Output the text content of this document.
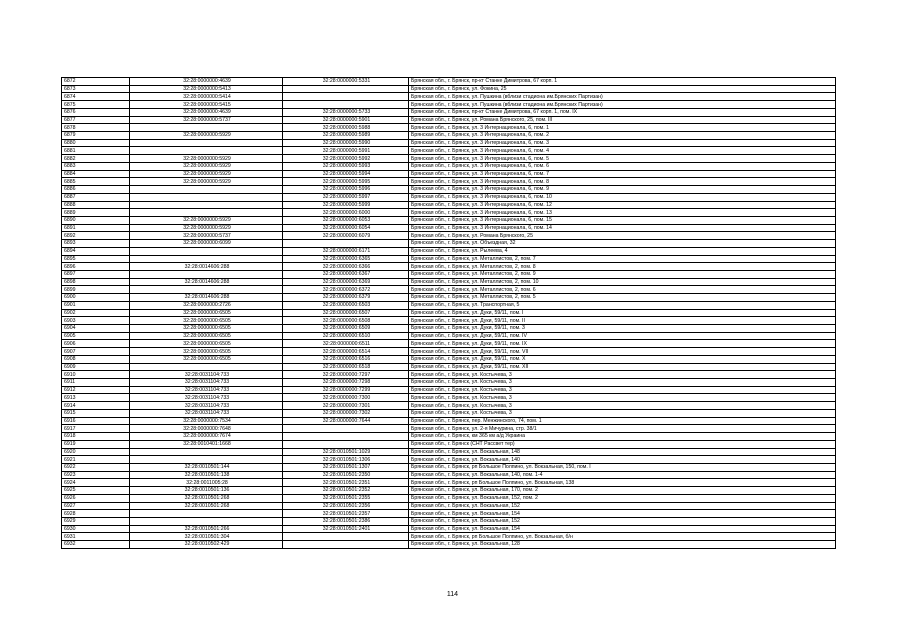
6872	32:28:0000000:4639	32:28:0000000:5331	Брянская обл., г. Брянск, пр-кт Станке Димитрова, 67 корп. 1
6873	32:28:0000000:5413		Брянская обл., г. Брянск, ул. Фокина, 25
6874	32:28:0000000:5414		Брянская обл., г. Брянск, ул. Пушкина (вблизи стадиона им.Брянских Партизан)
6875	32:28:0000000:5415		Брянская обл., г. Брянск, ул. Пушкина (вблизи стадиона им.Брянских Партизан)
6876	32:28:0000000:4639	32:28:0000000:5733	Брянская обл., г. Брянск, пр-кт Станке Димитрова, 67 корп. 1, пом. IX
6877	32:28:0000000:5737	32:28:0000000:5901	Брянская обл., г. Брянск, ул. Романа Брянского, 25, пом. III
6878		32:28:0000000:5988	Брянская обл., г. Брянск, ул. 3 Интернационала, 6, пом. 1
6879	32:28:0000000:5929	32:28:0000000:5989	Брянская обл., г. Брянск, ул. 3 Интернационала, 6, пом. 2
6880		32:28:0000000:5990	Брянская обл., г. Брянск, ул. 3 Интернационала, 6, пом. 3
6881		32:28:0000000:5991	Брянская обл., г. Брянск, ул. 3 Интернационала, 6, пом. 4
6882	32:28:0000000:5929	32:28:0000000:5992	Брянская обл., г. Брянск, ул. 3 Интернационала, 6, пом. 5
6883	32:28:0000000:5929	32:28:0000000:5993	Брянская обл., г. Брянск, ул. 3 Интернационала, 6, пом. 6
6884	32:28:0000000:5929	32:28:0000000:5994	Брянская обл., г. Брянск, ул. 3 Интернационала, 6, пом. 7
6885	32:28:0000000:5929	32:28:0000000:5995	Брянская обл., г. Брянск, ул. 3 Интернационала, 6, пом. 8
6886		32:28:0000000:5996	Брянская обл., г. Брянск, ул. 3 Интернационала, 6, пом. 9
6887		32:28:0000000:5997	Брянская обл., г. Брянск, ул. 3 Интернационала, 6, пом. 10
6888		32:28:0000000:5999	Брянская обл., г. Брянск, ул. 3 Интернационала, 6, пом. 12
6889		32:28:0000000:6000	Брянская обл., г. Брянск, ул. 3 Интернационала, 6, пом. 13
6890	32:28:0000000:5929	32:28:0000000:6053	Брянская обл., г. Брянск, ул. 3 Интернационала, 6, пом. 15
6891	32:28:0000000:5929	32:28:0000000:6054	Брянская обл., г. Брянск, ул. 3 Интернационала, 6, пом. 14
6892	32:28:0000000:5737	32:28:0000000:6079	Брянская обл., г. Брянск, ул. Романа Брянского, 25
6893	32:28:0000000:6099		Брянская обл., г. Брянск, ул. Объездная, 32
6894		32:28:0000000:6171	Брянская обл., г. Брянск, ул. Рылеева, 4
6895		32:28:0000000:6365	Брянская обл., г. Брянск, ул. Металлистов, 2, пом. 7
6896	32:28:0014606:288	32:28:0000000:6366	Брянская обл., г. Брянск, ул. Металлистов, 2, пом. 8
6897		32:28:0000000:6367	Брянская обл., г. Брянск, ул. Металлистов, 2, пом. 9
6898	32:28:0014606:288	32:28:0000000:6369	Брянская обл., г. Брянск, ул. Металлистов, 2, пом. 10
6899		32:28:0000000:6372	Брянская обл., г. Брянск, ул. Металлистов, 2, пом. 6
6900	32:28:0014606:288	32:28:0000000:6379	Брянская обл., г. Брянск, ул. Металлистов, 2, пом. 5
6901	32:28:0000000:2726	32:28:0000000:6503	Брянская обл., г. Брянск, ул. Транспортная, 5
6902	32:28:0000000:6505	32:28:0000000:6507	Брянская обл., г. Брянск, ул. Дуки, 59/11, пом. I
6903	32:28:0000000:6505	32:28:0000000:6508	Брянская обл., г. Брянск, ул. Дуки, 59/11, пом. II
6904	32:28:0000000:6505	32:28:0000000:6509	Брянская обл., г. Брянск, ул. Дуки, 59/11, пом. 3
6905	32:28:0000000:6505	32:28:0000000:6510	Брянская обл., г. Брянск, ул. Дуки, 59/11, пом. IV
6906	32:28:0000000:6505	32:28:0000000:6511	Брянская обл., г. Брянск, ул. Дуки, 59/11, пом. IX
6907	32:28:0000000:6505	32:28:0000000:6514	Брянская обл., г. Брянск, ул. Дуки, 59/11, пом. VII
6908	32:28:0000000:6505	32:28:0000000:6516	Брянская обл., г. Брянск, ул. Дуки, 59/11, пом. X
6909		32:28:0000000:6518	Брянская обл., г. Брянск, ул. Дуки, 59/11, пом. XII
6910	32:28:0031104:733	32:28:0000000:7297	Брянская обл., г. Брянск, ул. Костычева, 3
6911	32:28:0031104:733	32:28:0000000:7298	Брянская обл., г. Брянск, ул. Костычева, 3
6912	32:28:0031104:733	32:28:0000000:7299	Брянская обл., г. Брянск, ул. Костычева, 3
6913	32:28:0031104:733	32:28:0000000:7300	Брянская обл., г. Брянск, ул. Костычева, 3
6914	32:28:0031104:733	32:28:0000000:7301	Брянская обл., г. Брянск, ул. Костычева, 3
6915	32:28:0031104:733	32:28:0000000:7302	Брянская обл., г. Брянск, ул. Костычева, 3
6916	32:28:0000000:7534	32:28:0000000:7644	Брянская обл., г. Брянск, пер. Менжинского, 74, пом. 1
6917	32:28:0000000:7648		Брянская обл., г. Брянск, ул. 2-я Мичурина, стр. 38/1
6918	32:28:0000000:7674		Брянская обл., г. Брянск, км 365 км а/д Украина
6919	32:28:0010401:1668		Брянская обл., г. Брянск (СНТ Рассвет тер)
6920		32:28:0010501:1029	Брянская обл., г. Брянск, ул. Вокзальная, 148
6921		32:28:0010501:1306	Брянская обл., г. Брянск, ул. Вокзальная, 140
6922	32:28:0010501:144	32:28:0010501:1307	Брянская обл., г. Брянск, рп Большое Полпино, ул. Вокзальная, 150, пом. I
6923	32:28:0010501:138	32:28:0010501:2350	Брянская обл., г. Брянск, ул. Вокзальная, 140, пом. 1-4
6924	32:28:0011005:28	32:28:0010501:2351	Брянская обл., г. Брянск, рп Большое Полпино, ул. Вокзальная, 138
6925	32:28:0010501:136	32:28:0010501:2352	Брянская обл., г. Брянск, ул. Вокзальная, 170, пом. 2
6926	32:28:0010501:268	32:28:0010501:2355	Брянская обл., г. Брянск, ул. Вокзальная, 152, пом. 2
6927	32:28:0010501:268	32:28:0010501:2356	Брянская обл., г. Брянск, ул. Вокзальная, 152
6928		32:28:0010501:2357	Брянская обл., г. Брянск, ул. Вокзальная, 154
6929		32:28:0010501:2386	Брянская обл., г. Брянск, ул. Вокзальная, 152
6930	32:28:0010501:266	32:28:0010501:2401	Брянская обл., г. Брянск, ул. Вокзальная, 154
6931	32:28:0010501:304		Брянская обл., г. Брянск, рп Большое Полпино, ул. Вокзальная, б/н
6932	32:28:0010502:429		Брянская обл., г. Брянск, ул. Вокзальная, 128
114
